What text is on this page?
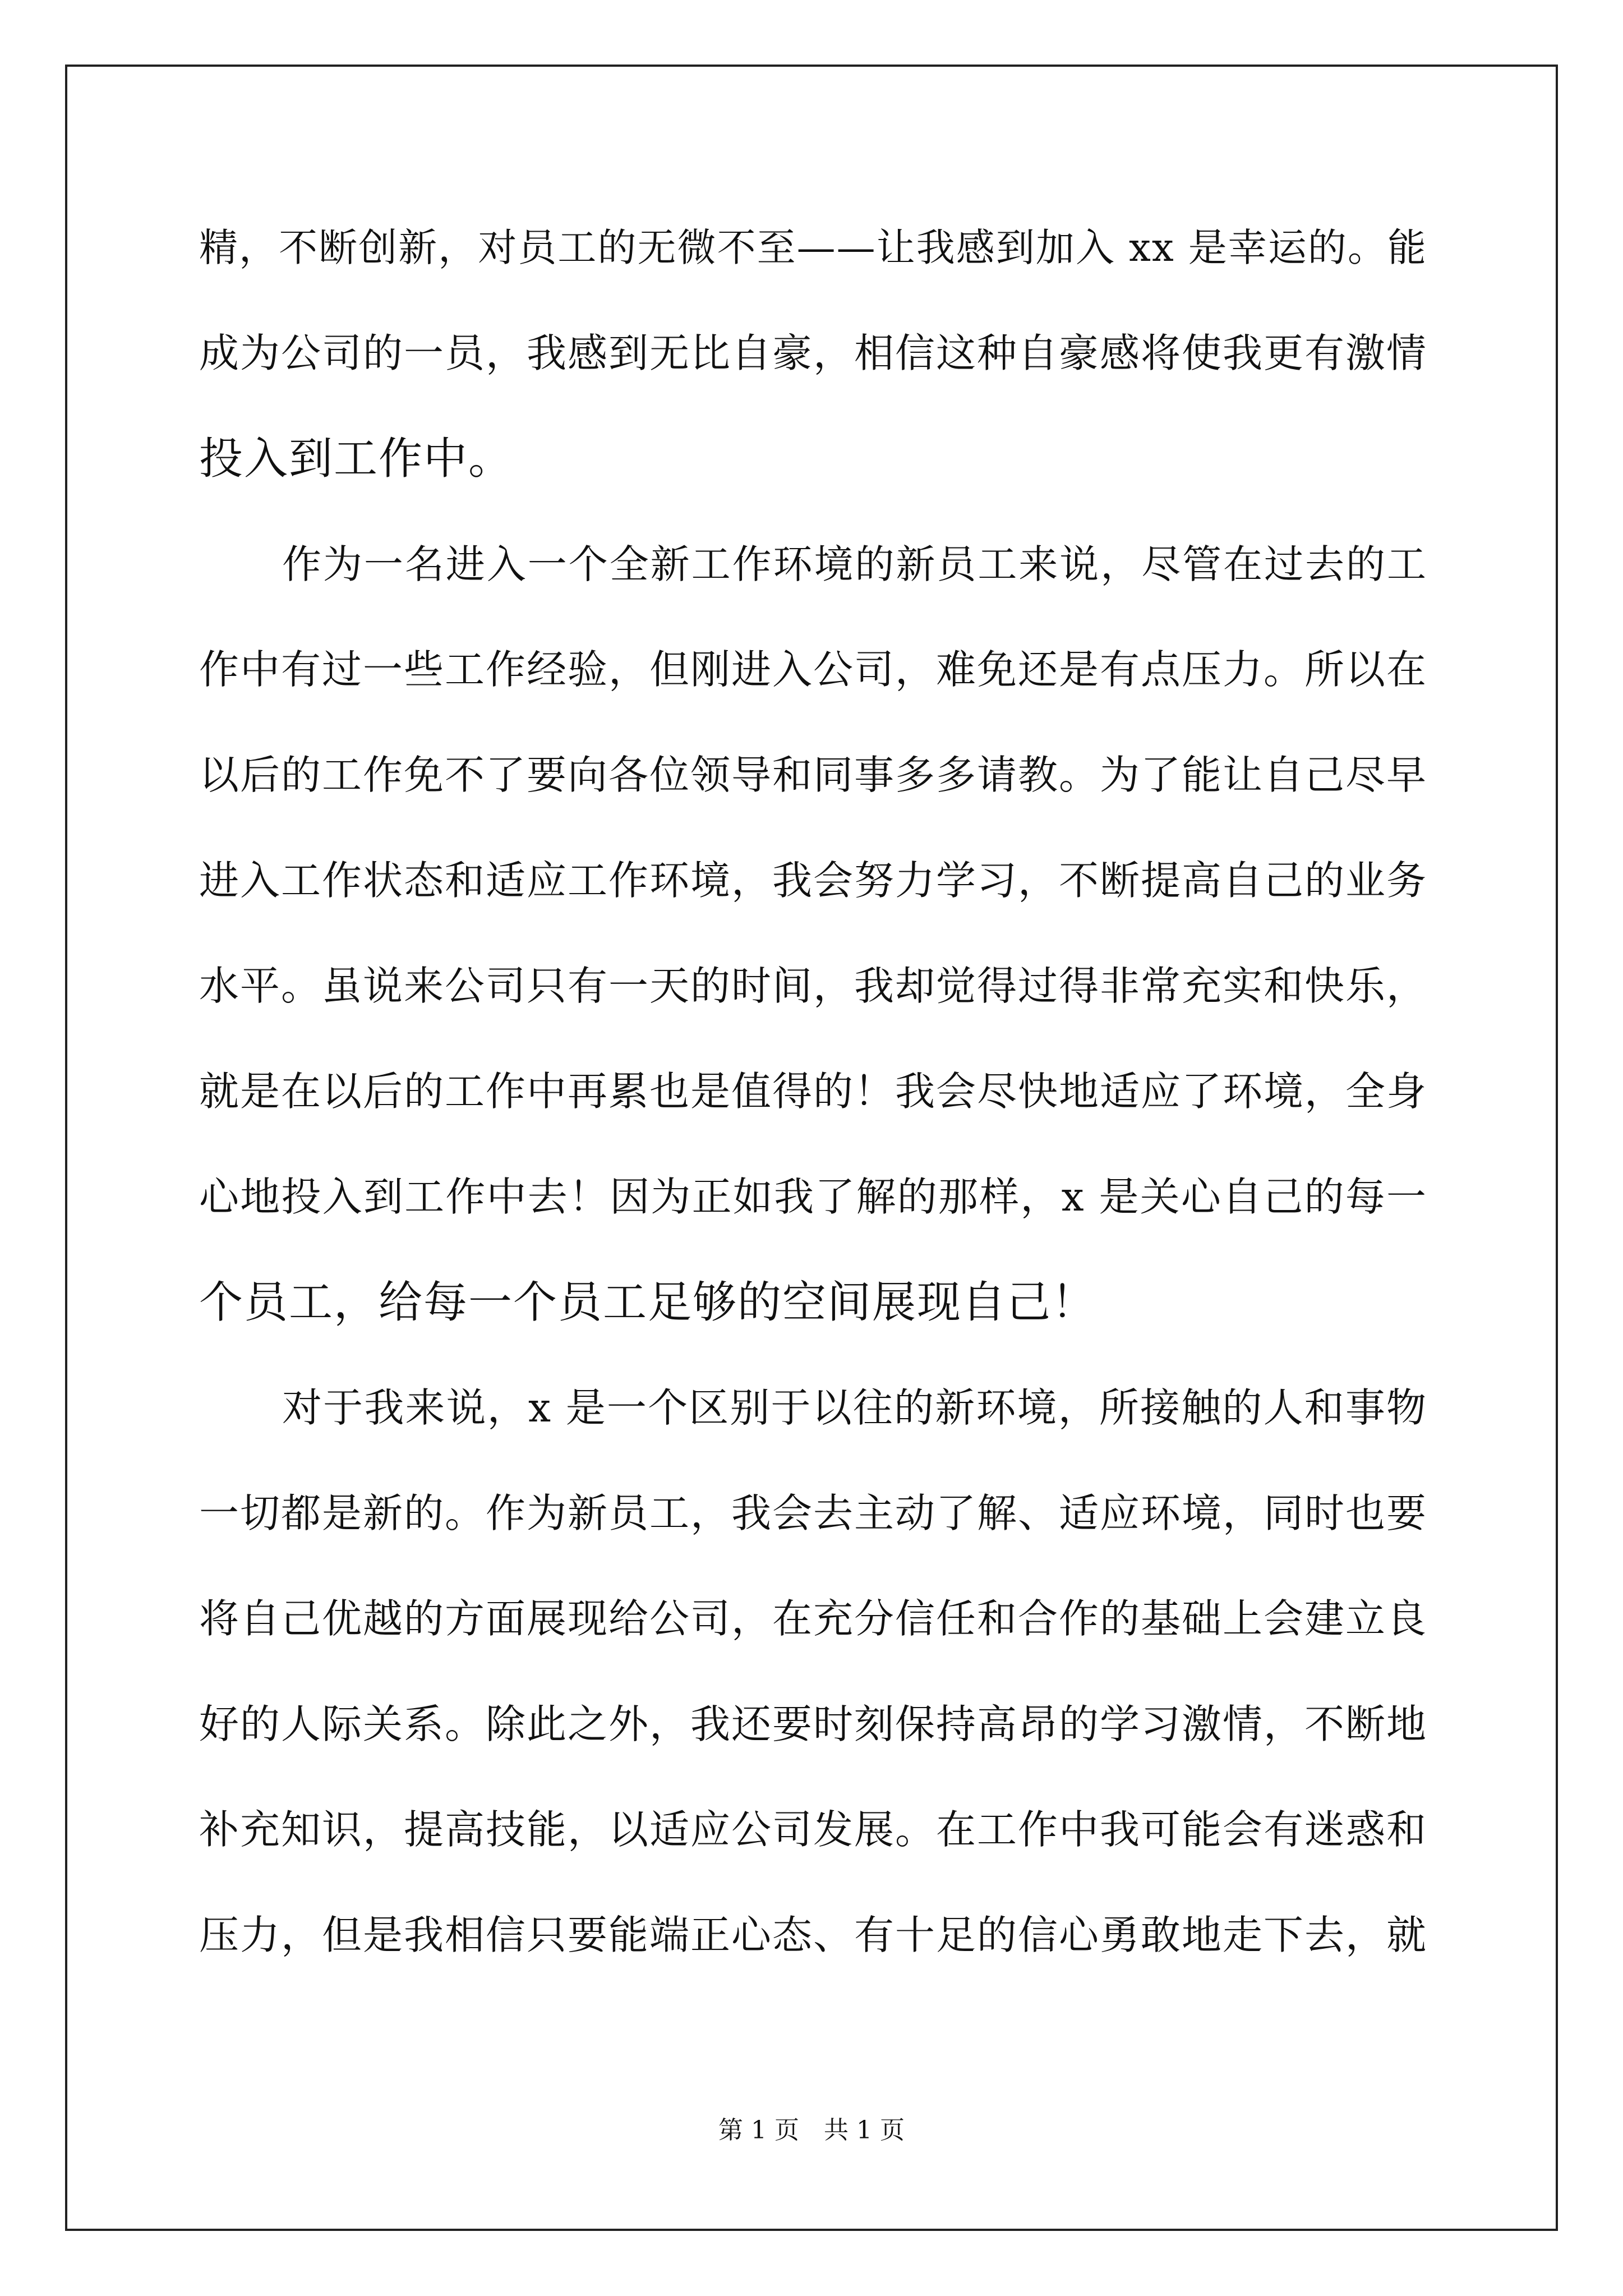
精，不断创新，对员工的无微不至——让我感到加入 xx 是幸运的。能
成为公司的一员，我感到无比自豪，相信这种自豪感将使我更有激情
投入到工作中。
作为一名进入一个全新工作环境的新员工来说，尽管在过去的工
作中有过一些工作经验，但刚进入公司，难免还是有点压力。所以在
以后的工作免不了要向各位领导和同事多多请教。为了能让自己尽早
进入工作状态和适应工作环境，我会努力学习，不断提高自己的业务
水平。虽说来公司只有一天的时间，我却觉得过得非常充实和快乐，
就是在以后的工作中再累也是值得的！我会尽快地适应了环境，全身
心地投入到工作中去！因为正如我了解的那样，x 是关心自己的每一
个员工，给每一个员工足够的空间展现自己！
对于我来说，x 是一个区别于以往的新环境，所接触的人和事物
一切都是新的。作为新员工，我会去主动了解、适应环境，同时也要
将自己优越的方面展现给公司，在充分信任和合作的基础上会建立良
好的人际关系。除此之外，我还要时刻保持高昂的学习激情，不断地
补充知识，提高技能，以适应公司发展。在工作中我可能会有迷惑和
压力，但是我相信只要能端正心态、有十足的信心勇敢地走下去，就
第 1 页　共 1 页
